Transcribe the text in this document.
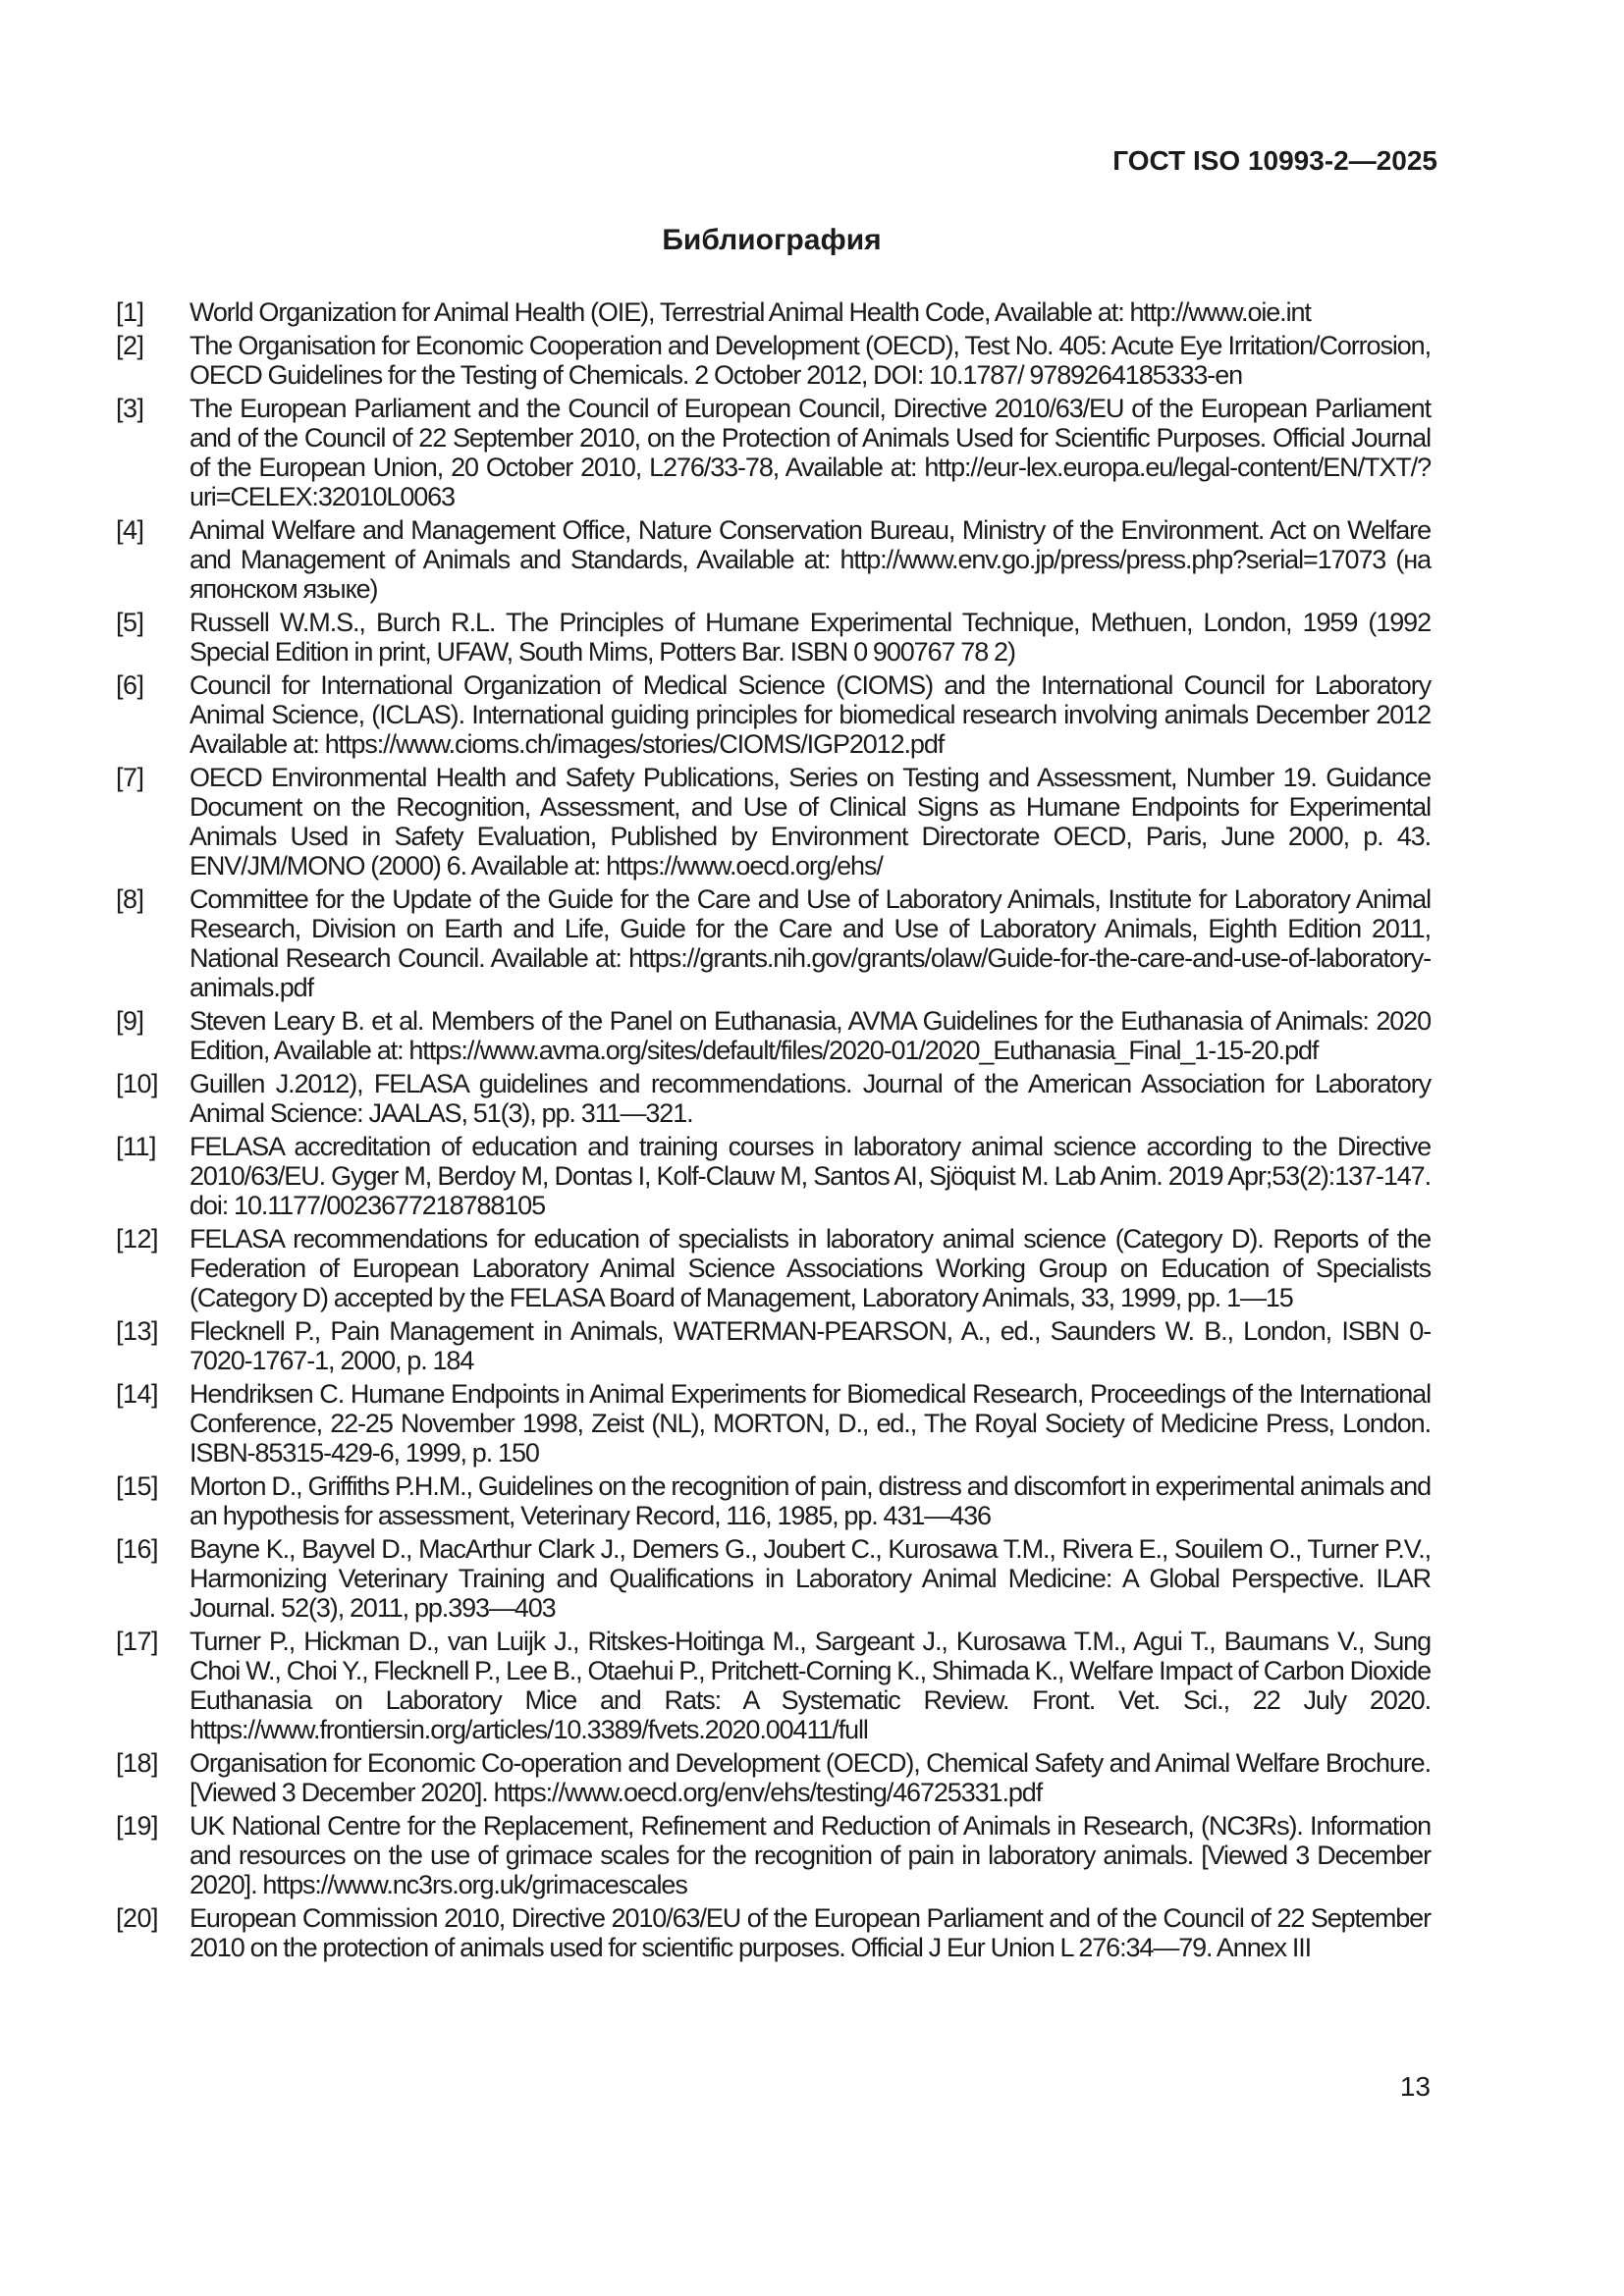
ГОСТ ISO 10993-2—2025
Библиография

[1] World Organization for Animal Health (OIE), Terrestrial Animal Health Code, Available at: http://www.oie.int

[2] The Organisation for Economic Cooperation and Development (OECD), Test No. 405: Acute Eye Irritation/Corrosion, OECD Guidelines for the Testing of Chemicals. 2 October 2012, DOI: 10.1787/ 9789264185333-en

[3] The European Parliament and the Council of European Council, Directive 2010/63/EU of the European Parliament and of the Council of 22 September 2010, on the Protection of Animals Used for Scientific Purposes. Official Journal of the European Union, 20 October 2010, L276/33-78, Available at: http://eur-lex.europa.eu/legal-content/EN/TXT/?uri=CELEX:32010L0063

[4] Animal Welfare and Management Office, Nature Conservation Bureau, Ministry of the Environment. Act on Welfare and Management of Animals and Standards, Available at: http://www.env.go.jp/press/press.php?serial=17073 (на японском языке)

[5] Russell W.M.S., Burch R.L. The Principles of Humane Experimental Technique, Methuen, London, 1959 (1992 Special Edition in print, UFAW, South Mims, Potters Bar. ISBN 0 900767 78 2)

[6] Council for International Organization of Medical Science (CIOMS) and the International Council for Laboratory Animal Science, (ICLAS). International guiding principles for biomedical research involving animals December 2012 Available at: https://www.cioms.ch/images/stories/CIOMS/IGP2012.pdf

[7] OECD Environmental Health and Safety Publications, Series on Testing and Assessment, Number 19. Guidance Document on the Recognition, Assessment, and Use of Clinical Signs as Humane Endpoints for Experimental Animals Used in Safety Evaluation, Published by Environment Directorate OECD, Paris, June 2000, p. 43. ENV/JM/MONO (2000) 6. Available at: https://www.oecd.org/ehs/

[8] Committee for the Update of the Guide for the Care and Use of Laboratory Animals, Institute for Laboratory Animal Research, Division on Earth and Life, Guide for the Care and Use of Laboratory Animals, Eighth Edition 2011, National Research Council. Available at: https://grants.nih.gov/grants/olaw/Guide-for-the-care-and-use-of-laboratory-animals.pdf

[9] Steven Leary B. et al. Members of the Panel on Euthanasia, AVMA Guidelines for the Euthanasia of Animals: 2020 Edition, Available at: https://www.avma.org/sites/default/files/2020-01/2020_Euthanasia_Final_1-15-20.pdf

[10] Guillen J.2012), FELASA guidelines and recommendations. Journal of the American Association for Laboratory Animal Science: JAALAS, 51(3), pp. 311—321.

[11] FELASA accreditation of education and training courses in laboratory animal science according to the Directive 2010/63/EU. Gyger M, Berdoy M, Dontas I, Kolf-Clauw M, Santos AI, Sjöquist M. Lab Anim. 2019 Apr;53(2):137-147. doi: 10.1177/0023677218788105

[12] FELASA recommendations for education of specialists in laboratory animal science (Category D). Reports of the Federation of European Laboratory Animal Science Associations Working Group on Education of Specialists (Category D) accepted by the FELASA Board of Management, Laboratory Animals, 33, 1999, pp. 1—15

[13] Flecknell P., Pain Management in Animals, WATERMAN-PEARSON, A., ed., Saunders W. B., London, ISBN 0-7020-1767-1, 2000, p. 184

[14] Hendriksen C. Humane Endpoints in Animal Experiments for Biomedical Research, Proceedings of the International Conference, 22-25 November 1998, Zeist (NL), MORTON, D., ed., The Royal Society of Medicine Press, London. ISBN-85315-429-6, 1999, p. 150

[15] Morton D., Griffiths P.H.M., Guidelines on the recognition of pain, distress and discomfort in experimental animals and an hypothesis for assessment, Veterinary Record, 116, 1985, pp. 431—436

[16] Bayne K., Bayvel D., MacArthur Clark J., Demers G., Joubert C., Kurosawa T.M., Rivera E., Souilem O., Turner P.V., Harmonizing Veterinary Training and Qualifications in Laboratory Animal Medicine: A Global Perspective. ILAR Journal. 52(3), 2011, pp.393—403

[17] Turner P., Hickman D., van Luijk J., Ritskes-Hoitinga M., Sargeant J., Kurosawa T.M., Agui T., Baumans V., Sung Choi W., Choi Y., Flecknell P., Lee B., Otaehui P., Pritchett-Corning K., Shimada K., Welfare Impact of Carbon Dioxide Euthanasia on Laboratory Mice and Rats: A Systematic Review. Front. Vet. Sci., 22 July 2020. https://www.frontiersin.org/articles/10.3389/fvets.2020.00411/full

[18] Organisation for Economic Co-operation and Development (OECD), Chemical Safety and Animal Welfare Brochure. [Viewed 3 December 2020]. https://www.oecd.org/env/ehs/testing/46725331.pdf

[19] UK National Centre for the Replacement, Refinement and Reduction of Animals in Research, (NC3Rs). Information and resources on the use of grimace scales for the recognition of pain in laboratory animals. [Viewed 3 December 2020]. https://www.nc3rs.org.uk/grimacescales

[20] European Commission 2010, Directive 2010/63/EU of the European Parliament and of the Council of 22 September 2010 on the protection of animals used for scientific purposes. Official J Eur Union L 276:34—79. Annex III

13
